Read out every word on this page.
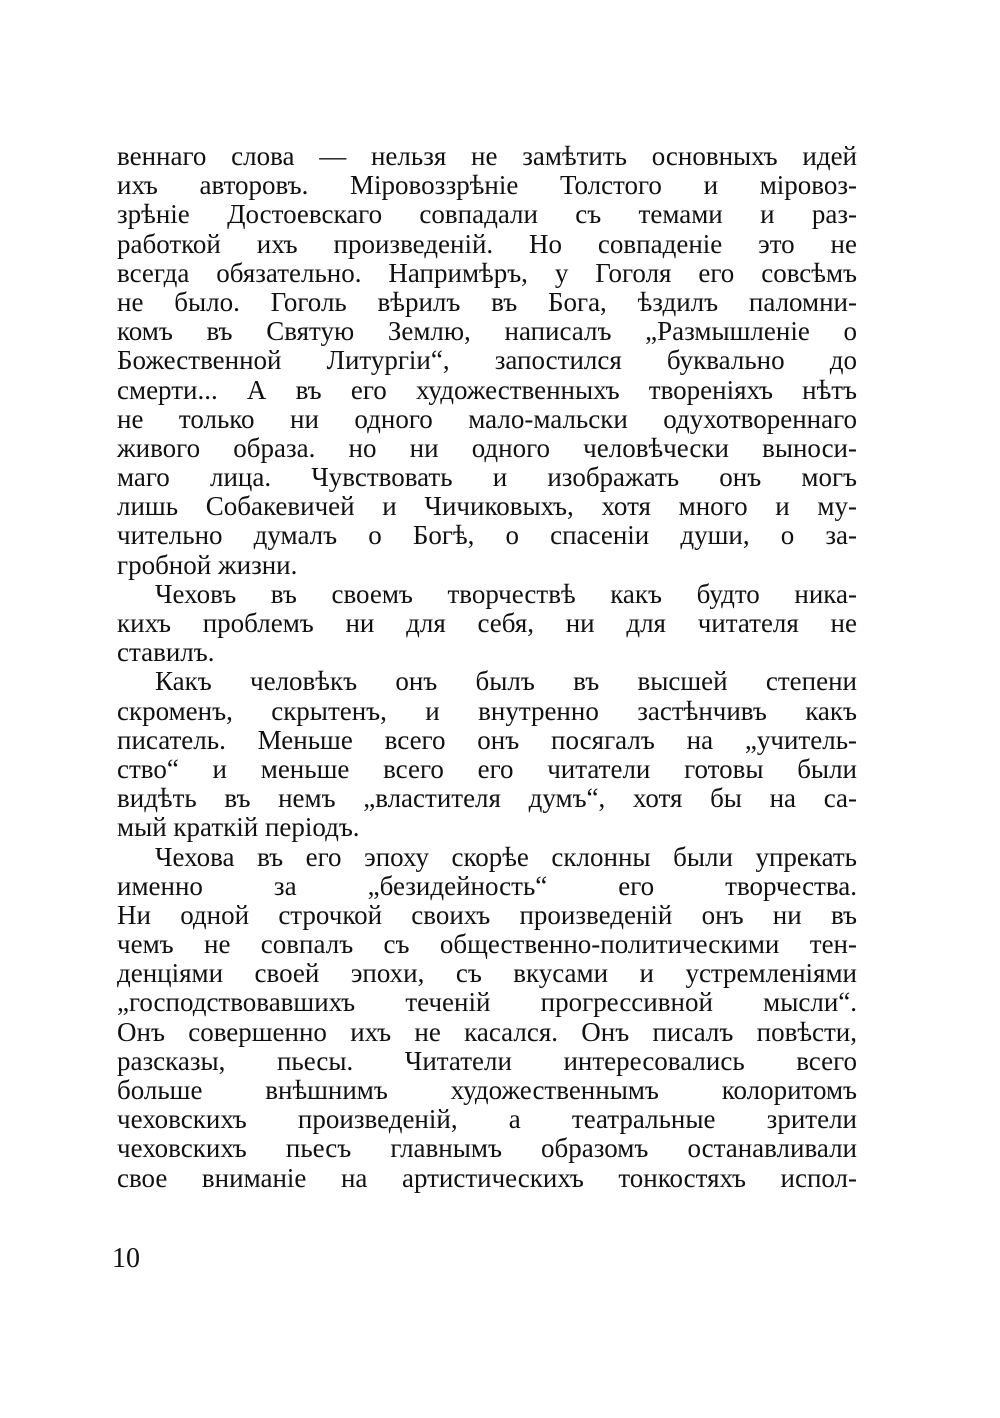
веннаго слова — нельзя не замѣтить основныхъ идей
ихъ авторовъ. Міровоззрѣніе Толстого и міровоз-
зрѣніе Достоевскаго совпадали съ темами и раз-
работкой ихъ произведеній. Но совпаденіе это не
всегда обязательно. Напримѣръ, у Гоголя его совсѣмъ
не было. Гоголь вѣрилъ въ Бога, ѣздилъ паломни-
комъ въ Святую Землю, написалъ „Размышленіе о
Божественной Литургіи“, запостился буквально до
смерти... А въ его художественныхъ твореніяхъ нѣтъ
не только ни одного мало-мальски одухотвореннаго
живого образа. но ни одного человѣчески выноси-
маго лица. Чувствовать и изображать онъ могъ
лишь Собакевичей и Чичиковыхъ, хотя много и му-
чительно думалъ о Богѣ, о спасеніи души, о за-
гробной жизни.
Чеховъ въ своемъ творчествѣ какъ будто ника-
кихъ проблемъ ни для себя, ни для читателя не
ставилъ.
Какъ человѣкъ онъ былъ въ высшей степени
скроменъ, скрытенъ, и внутренно застѣнчивъ какъ
писатель. Меньше всего онъ посягалъ на „учитель-
ство“ и меньше всего его читатели готовы были
видѣть въ немъ „властителя думъ“, хотя бы на са-
мый краткій періодъ.
Чехова въ его эпоху скорѣе склонны были упрекать
именно за „безидейность“ его творчества.
Ни одной строчкой своихъ произведеній онъ ни въ
чемъ не совпалъ съ общественно-политическими тен-
денціями своей эпохи, съ вкусами и устремленіями
„господствовавшихъ теченій прогрессивной мысли“.
Онъ совершенно ихъ не касался. Онъ писалъ повѣсти,
разсказы, пьесы. Читатели интересовались всего
больше внѣшнимъ художественнымъ колоритомъ
чеховскихъ произведеній, а театральные зрители
чеховскихъ пьесъ главнымъ образомъ останавливали
свое вниманіе на артистическихъ тонкостяхъ испол-
10
